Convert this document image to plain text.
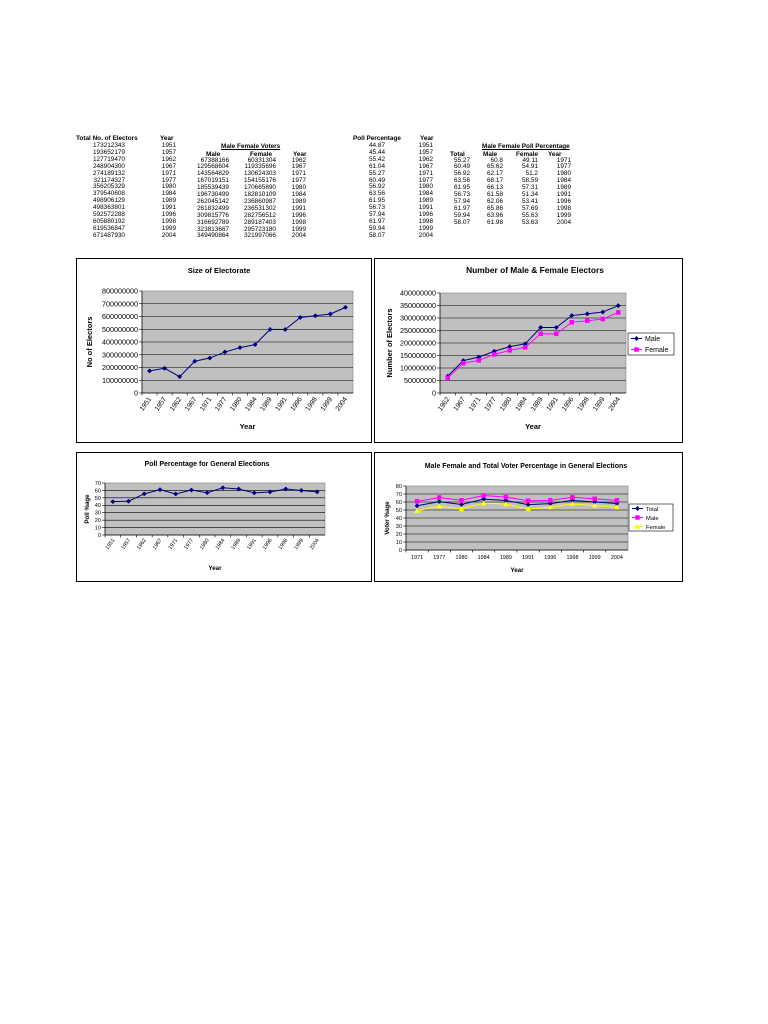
Total No. of Electors	Year
173212343	1951
193652179	1957
127719470	1962
248904300	1967
274189132	1971
321174327	1977
356205329	1980
379540608	1984
498906129	1989
498363801	1991
592572288	1996
605880192	1998
619536847	1999
671487930	2004
Male Female Voters
Male	Female	Year
67388166	60331304	1962
129568604	119335696	1967
143564829	130624303	1971
167019151	154155176	1977
185539439	170665890	1980
196730499	182810109	1984
262045142	236860987	1989
261832499	236531302	1991
309815776	282756512	1996
316692789	289187403	1998
323813667	295723180	1999
349490864	321997066	2004
Poll Percentage	Year
44.87	1951
45.44	1957
55.42	1962
61.04	1967
55.27	1971
60.49	1977
56.92	1980
63.56	1984
61.95	1989
56.73	1991
57.94	1996
61.97	1998
59.94	1999
58.07	2004
Male Female Poll Percentage
Total	Male	Female Year
55.27	60.8	49.11	1971
60.49	65.62	54.91	1977
56.92	62.17	51.2	1980
63.56	68.17	58.59	1984
61.95	66.13	57.31	1989
56.73	61.58	51.34	1991
57.94	62.06	53.41	1996
61.97	65.86	57.69	1998
59.94	63.96	55.63	1999
58.07	61.98	53.63	2004
Size of Electorate
0
100000000
200000000
300000000
400000000
500000000
600000000
700000000
800000000
1951 1957 1962 1967 1971 1977 1980 1984 1989 1991 1996 1998 1999 2004
Year
No of Electors
Number of Male & Female Electors
0
50000000
100000000
150000000
200000000
250000000
300000000
350000000
400000000
1962 1967 1971 1977 1980 1984 1989 1991 1996 1998 1999 2004
Year
Number of Electors	Male
Female
Poll Percentage for General Elections
0
10
20
30
40
50
60
70
1951 1957 1962 1967 1971 1977 1980 1984 1989 1991 1996 1998 1999 2004
Year
Poll %age
Male Female and Total Voter Percentage in General Elections
0
10
20
30
40
50
60
70
80
1971 1977 1980 1984 1989 1991 1996 1998 1999 2004
Year
Voter %age	Total
Male
Female
